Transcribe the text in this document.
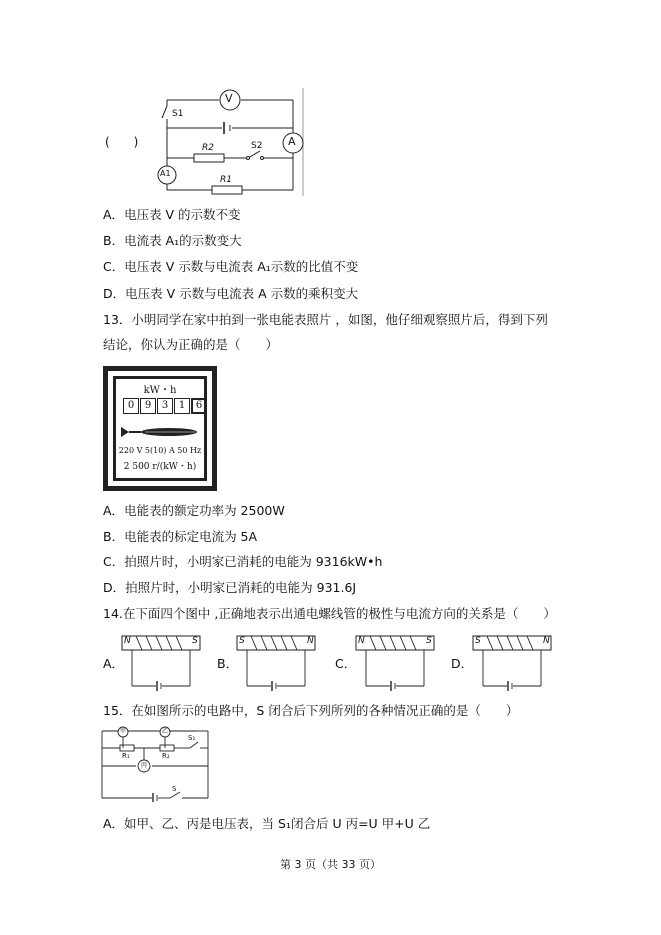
(　　)
V
A
A1
S1
S2
R2
R1
A．电压表 V 的示数不变
B．电流表 A₁的示数变大
C．电压表 V 示数与电流表 A₁示数的比值不变
D．电压表 V 示数与电流表 A 示数的乘积变大
13．小明同学在家中拍到一张电能表照片 ，如图，他仔细观察照片后，得到下列
结论，你认为正确的是（　　）
kW・h
0	9	3	1	6
220 V 5(10) A 50 Hz
2 500 r/(kW・h)
A．电能表的额定功率为 2500W
B．电能表的标定电流为 5A
C．拍照片时，小明家已消耗的电能为 9316kW•h
D．拍照片时，小明家已消耗的电能为 931.6J
14.在下面四个图中 ,正确地表示出通电螺线管的极性与电流方向的关系是（　　）
A．
N	S
B．
S	N
C．
N	S
D．
S	N
15．在如图所示的电路中，S 闭合后下列所列的各种情况正确的是（　　）
甲	乙
丙
R₁	R₂
S₁
S
A．如甲、乙、丙是电压表，当 S₁闭合后 U 丙=U 甲+U 乙
第 3 页（共 33 页）
